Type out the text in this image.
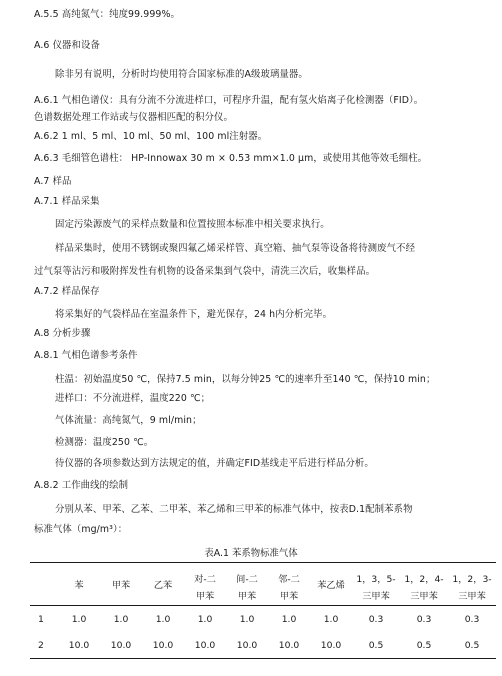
A.5.5 高纯氮气：纯度99.999%。
A.6 仪器和设备
除非另有说明，分析时均使用符合国家标准的A级玻璃量器。
A.6.1 气相色谱仪：具有分流不分流进样口，可程序升温，配有氢火焰离子化检测器（FID）。
色谱数据处理工作站或与仪器相匹配的积分仪。
A.6.2 1 ml、5 ml、10 ml、50 ml、100 ml注射器。
A.6.3 毛细管色谱柱： HP-Innowax 30 m × 0.53 mm×1.0 μm，或使用其他等效毛细柱。
A.7 样品
A.7.1 样品采集
固定污染源废气的采样点数量和位置按照本标准中相关要求执行。
样品采集时，使用不锈钢或聚四氟乙烯采样管、真空箱、抽气泵等设备将待测废气不经
过气泵等沾污和吸附挥发性有机物的设备采集到气袋中，清洗三次后，收集样品。
A.7.2 样品保存
将采集好的气袋样品在室温条件下，避光保存，24 h内分析完毕。
A.8 分析步骤
A.8.1 气相色谱参考条件
柱温：初始温度50 ℃，保持7.5 min，以每分钟25 ℃的速率升至140 ℃，保持10 min；
进样口：不分流进样，温度220 ℃；
气体流量：高纯氮气，9 ml/min；
检测器：温度250 ℃。
待仪器的各项参数达到方法规定的值，并确定FID基线走平后进行样品分析。
A.8.2 工作曲线的绘制
分别从苯、甲苯、乙苯、二甲苯、苯乙烯和三甲苯的标准气体中，按表D.1配制苯系物
标准气体（mg/m³）：
表A.1 苯系物标准气体
	苯	甲苯	乙苯	对-二	间-二	邻-二	苯乙烯	1，3，5-	1，2，4-	1，2，3-
				甲苯	甲苯	甲苯		三甲苯	三甲苯	三甲苯
1	1.0	1.0	1.0	1.0	1.0	1.0	1.0	0.3	0.3	0.3
2	10.0	10.0	10.0	10.0	10.0	10.0	10.0	0.5	0.5	0.5
